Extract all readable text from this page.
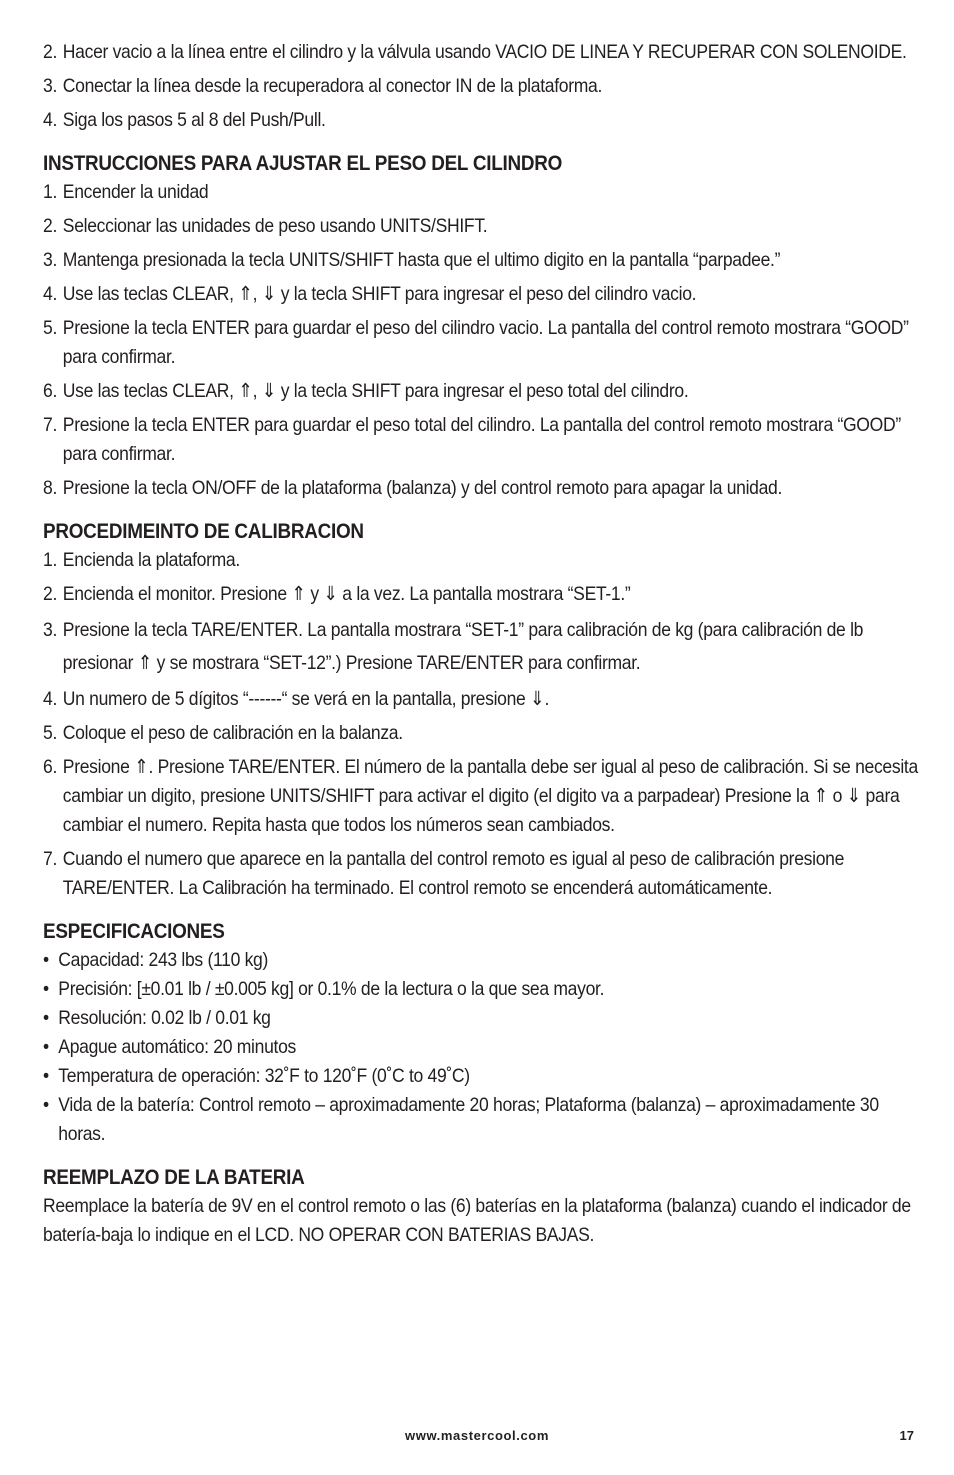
2. Hacer vacio a la línea entre el cilindro y la válvula usando VACIO DE LINEA Y RECUPERAR CON SOLENOIDE.
3. Conectar la línea desde la recuperadora al conector IN de la plataforma.
4. Siga los pasos 5 al 8 del Push/Pull.
INSTRUCCIONES PARA AJUSTAR EL PESO DEL CILINDRO
1. Encender la unidad
2. Seleccionar las unidades de peso usando UNITS/SHIFT.
3. Mantenga presionada la tecla UNITS/SHIFT hasta que el ultimo digito en la pantalla “parpadee.”
4. Use las teclas CLEAR, ⇑, ⇓ y la tecla SHIFT para ingresar el peso del cilindro vacio.
5. Presione la tecla ENTER para guardar el peso del cilindro vacio. La pantalla del control remoto mostrara “GOOD” para confirmar.
6. Use las teclas CLEAR, ⇑, ⇓ y la tecla SHIFT para ingresar el peso total del cilindro.
7. Presione la tecla ENTER para guardar el peso total del cilindro. La pantalla del control remoto mostrara “GOOD” para confirmar.
8. Presione la tecla ON/OFF de la plataforma (balanza) y del control remoto para apagar la unidad.
PROCEDIMEINTO DE CALIBRACION
1. Encienda la plataforma.
2. Encienda el monitor. Presione ⇑ y ⇓ a la vez. La pantalla mostrara “SET-1.”
3. Presione la tecla TARE/ENTER. La pantalla mostrara “SET-1” para calibración de kg (para calibración de lb presionar ⇑ y se mostrara “SET-12”.) Presione TARE/ENTER para confirmar.
4. Un numero de 5 dígitos “------“ se verá en la pantalla, presione ⇓.
5. Coloque el peso de calibración en la balanza.
6. Presione ⇑. Presione TARE/ENTER. El número de la pantalla debe ser igual al peso de calibración. Si se necesita cambiar un digito, presione UNITS/SHIFT para activar el digito (el digito va a parpadear) Presione la ⇑ o ⇓ para cambiar el numero. Repita hasta que todos los números sean cambiados.
7. Cuando el numero que aparece en la pantalla del control remoto es igual al peso de calibración presione TARE/ENTER. La Calibración ha terminado. El control remoto se encenderá automáticamente.
ESPECIFICACIONES
• Capacidad: 243 lbs (110 kg)
• Precisión: [±0.01 lb / ±0.005 kg] or 0.1% de la lectura o la que sea mayor.
• Resolución: 0.02 lb / 0.01 kg
• Apague automático: 20 minutos
• Temperatura de operación: 32˚F to 120˚F (0˚C to 49˚C)
• Vida de la batería: Control remoto – aproximadamente 20 horas; Plataforma (balanza) – aproximadamente 30 horas.
REEMPLAZO DE LA BATERIA
Reemplace la batería de 9V en el control remoto o las (6) baterías en la plataforma (balanza) cuando el indicador de batería-baja lo indique en el LCD. NO OPERAR CON BATERIAS BAJAS.
www.mastercool.com	17
